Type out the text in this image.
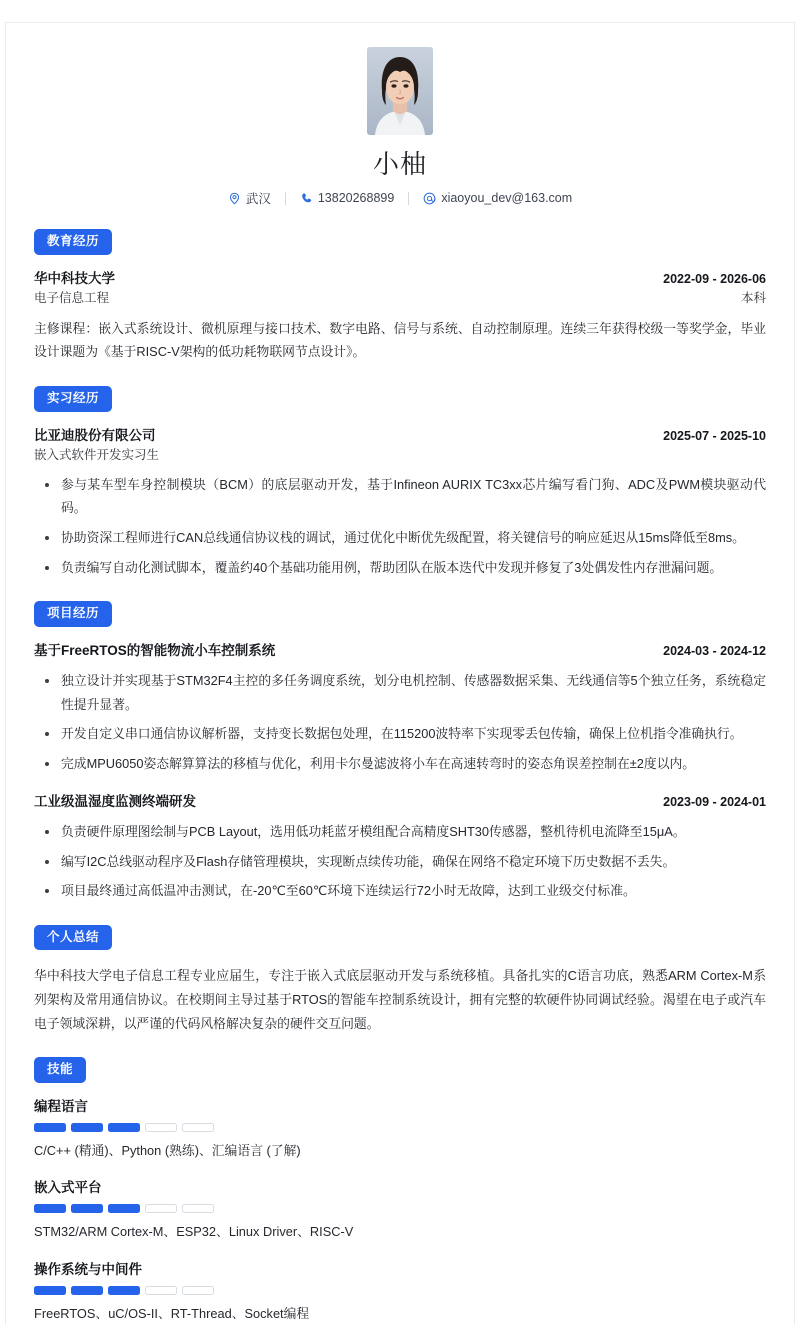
小柚
武汉	13820268899	xiaoyou_dev@163.com
教育经历
华中科技大学	2022-09 - 2026-06
电子信息工程	本科
主修课程：嵌入式系统设计、微机原理与接口技术、数字电路、信号与系统、自动控制原理。连续三年获得校级一等奖学金，毕业设计课题为《基于RISC-V架构的低功耗物联网节点设计》。
实习经历
比亚迪股份有限公司	2025-07 - 2025-10
嵌入式软件开发实习生
参与某车型车身控制模块（BCM）的底层驱动开发，基于Infineon AURIX TC3xx芯片编写看门狗、ADC及PWM模块驱动代码。
协助资深工程师进行CAN总线通信协议栈的调试，通过优化中断优先级配置，将关键信号的响应延迟从15ms降低至8ms。
负责编写自动化测试脚本，覆盖约40个基础功能用例，帮助团队在版本迭代中发现并修复了3处偶发性内存泄漏问题。
项目经历
基于FreeRTOS的智能物流小车控制系统	2024-03 - 2024-12
独立设计并实现基于STM32F4主控的多任务调度系统，划分电机控制、传感器数据采集、无线通信等5个独立任务，系统稳定性提升显著。
开发自定义串口通信协议解析器，支持变长数据包处理，在115200波特率下实现零丢包传输，确保上位机指令准确执行。
完成MPU6050姿态解算算法的移植与优化，利用卡尔曼滤波将小车在高速转弯时的姿态角误差控制在±2度以内。
工业级温湿度监测终端研发	2023-09 - 2024-01
负责硬件原理图绘制与PCB Layout，选用低功耗蓝牙模组配合高精度SHT30传感器，整机待机电流降至15μA。
编写I2C总线驱动程序及Flash存储管理模块，实现断点续传功能，确保在网络不稳定环境下历史数据不丢失。
项目最终通过高低温冲击测试，在-20℃至60℃环境下连续运行72小时无故障，达到工业级交付标准。
个人总结
华中科技大学电子信息工程专业应届生，专注于嵌入式底层驱动开发与系统移植。具备扎实的C语言功底，熟悉ARM Cortex-M系列架构及常用通信协议。在校期间主导过基于RTOS的智能车控制系统设计，拥有完整的软硬件协同调试经验。渴望在电子或汽车电子领域深耕，以严谨的代码风格解决复杂的硬件交互问题。
技能
编程语言
C/C++ (精通)、Python (熟练)、汇编语言 (了解)
嵌入式平台
STM32/ARM Cortex-M、ESP32、Linux Driver、RISC-V
操作系统与中间件
FreeRTOS、uC/OS-II、RT-Thread、Socket编程
